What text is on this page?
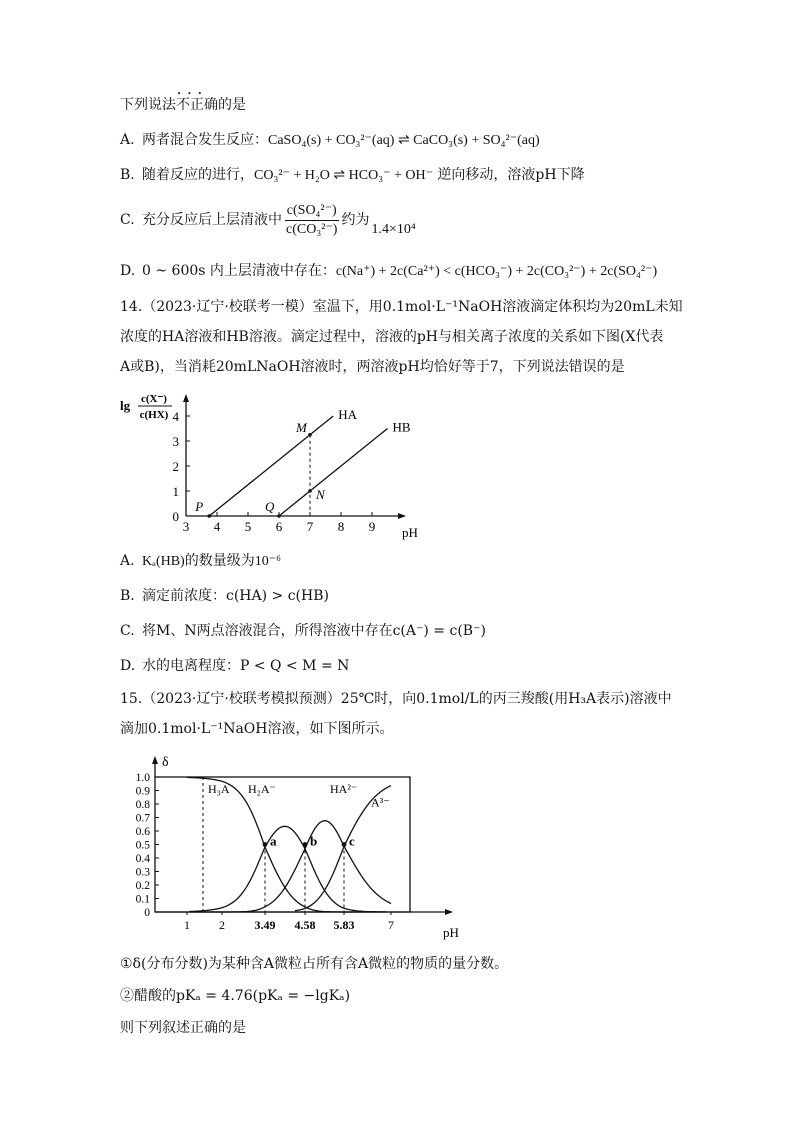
下列说法• • • 不正确的是
A. 两者混合发生反应：CaSO₄(s) + CO₃²⁻(aq) ⇌ CaCO₃(s) + SO₄²⁻(aq)
B. 随着反应的进行，CO₃²⁻ + H₂O ⇌ HCO₃⁻ + OH⁻ 逆向移动，溶液pH下降
C. 充分反应后上层清液中 $\frac{\text{c(SO₄²⁻)}}{\text{c(CO₃²⁻)}}$ 约为
1.4×10⁴
D. 0 ~ 600s 内上层清液中存在：c(Na⁺) + 2c(Ca²⁺) < c(HCO₃⁻) + 2c(CO₃²⁻) + 2c(SO₄²⁻)
14.（2023·辽宁·校联考一模）室温下，用0.1mol·L⁻¹NaOH溶液滴定体积均为20mL未知
浓度的HA溶液和HB溶液。滴定过程中，溶液的pH与相关离子浓度的关系如下图(X代表
A或B)，当消耗20mLNaOH溶液时，两溶液pH均恰好等于7，下列说法错误的是
3 4 5 6 7 8 9
0
1
2
3
4
lg c(X⁻)
c(HX)
pH
HA
HB
P	Q
M
N
A. Kₐ(HB)的数量级为10⁻⁶
B. 滴定前浓度：c(HA) > c(HB)
C. 将M、N两点溶液混合，所得溶液中存在c(A⁻) = c(B⁻)
D. 水的电离程度：P < Q < M = N
15.（2023·辽宁·校联考模拟预测）25℃时，向0.1mol/L的丙三羧酸(用H₃A表示)溶液中
滴加0.1mol·L⁻¹NaOH溶液，如下图所示。
0
0.1
0.2
0.3
0.4
0.5
0.6
0.7
0.8
0.9
1.0
1 2 3.49 4.58 5.83	7
δ
pH
H₃A H₂A⁻	HA²⁻
A³⁻
a	b c
①δ(分布分数)为某种含A微粒占所有含A微粒的物质的量分数。
②醋酸的pKₐ = 4.76(pKₐ = −lgKₐ)
则下列叙述正确的是
